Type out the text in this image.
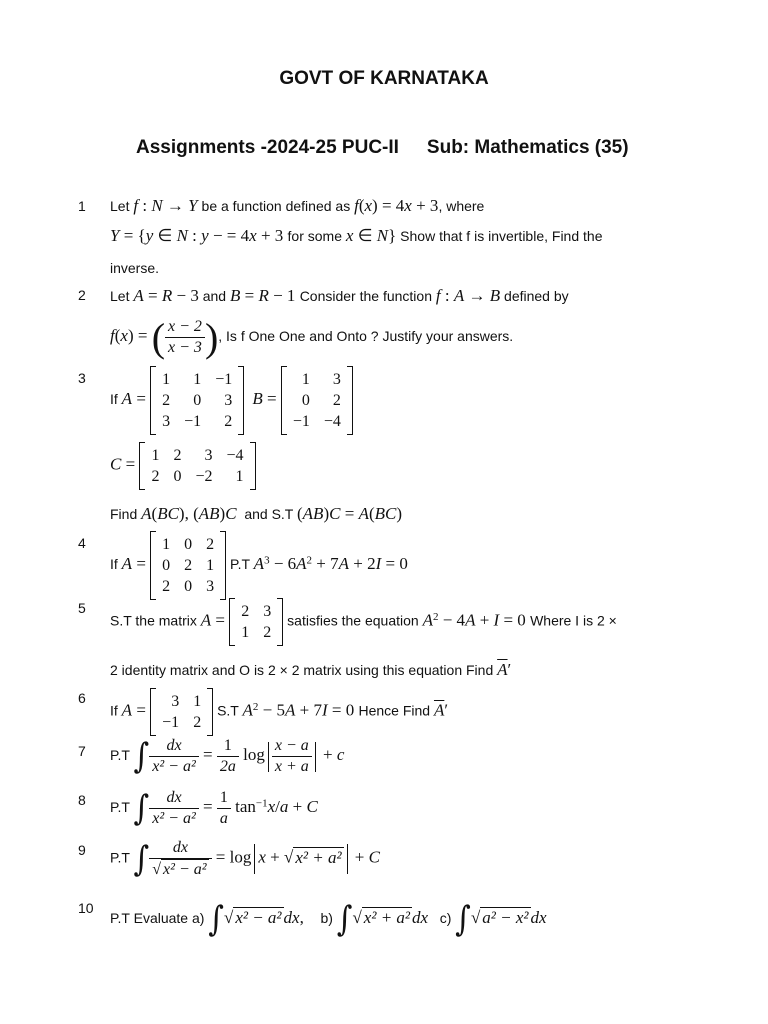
GOVT OF KARNATAKA
Assignments -2024-25 PUC-II Sub: Mathematics (35)
1 Let f : N → Y be a function defined as f(x) = 4x + 3, where
Y = {y ∈ N : y − = 4x + 3 for some x ∈ N} Show that f is invertible, Find the
inverse.
2 Let A = R − 3 and B = R − 1 Consider the function f : A → B defined by
f(x) = ( $\frac{x - 2}{x - 3}$ ), Is f One One and Onto ? Justify your answers.
3
If A = 1	1	−1
2	0	3
3	−1	2
B = 1	3
0	2
−1	−4

C = 1	2	3	−4
2	0	−2	1

Find A(BC), (AB)C and S.T (AB)C = A(BC)
4
If A = 1	0	2
0	2	1
2	0	3
P.T $A^3 - 6A^2 + 7A + 2I = 0$
5
S.T the matrix A = 2	3
1	2
satisfies the equation $A^2 - 4A + I = 0$ Where I is 2 ×
2 identity matrix and O is 2 × 2 matrix using this equation Find $\overline{A}'$
6
If A = 3	1
−1	2
S.T $A^2 - 5A + 7I = 0$ Hence Find $\overline{A}'$
7 P.T ∫ $\frac{dx}{\text{x² − a²}} = \frac{1}{2a}$ $\log \frac{x - a}{x + a} + c$
8 P.T ∫ $\frac{dx}{\text{x² − a²}} = \frac{1}{a} \tan^{-1}x/a + C$
9 P.T ∫ $\frac{dx}{\text{√ x² − a²}} = \log x$ + √ x² + a² + C
10
P.T Evaluate a) ∫√ x² − a² dx,    b) ∫√ x² + a² dx c) ∫√ a² − x² dx
